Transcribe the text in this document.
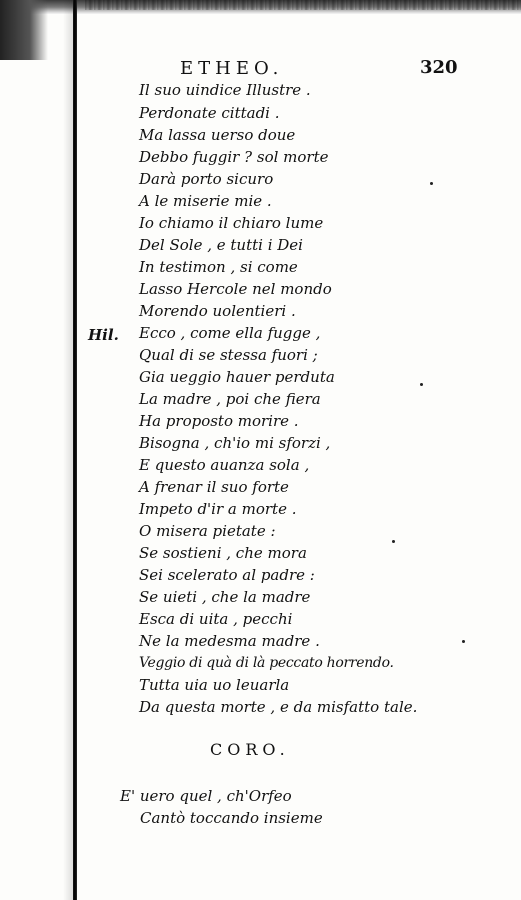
ETHEO.	320
Il suo uindice Illustre .
Perdonate cittadi .
Ma lassa uerso doue
Debbo fuggir ? sol morte
Darà porto sicuro
A le miserie mie .
Io chiamo il chiaro lume
Del Sole , e tutti i Dei
In testimon , si come
Lasso Hercole nel mondo
Morendo uolentieri .
Hil. Ecco , come ella fugge ,
Qual di se stessa fuori ;
Gia ueggio hauer perduta
La madre , poi che fiera
Ha proposto morire .
Bisogna , ch'io mi sforzi ,
E questo auanza sola ,
A frenar il suo forte
Impeto d'ir a morte .
O misera pietate :
Se sostieni , che mora
Sei scelerato al padre :
Se uieti , che la madre
Esca di uita , pecchi
Ne la medesma madre .
Veggio di quà di là peccato horrendo.
Tutta uia uo leuarla
Da questa morte , e da misfatto tale.
CORO.
E' uero quel , ch'Orfeo
Cantò toccando insieme
